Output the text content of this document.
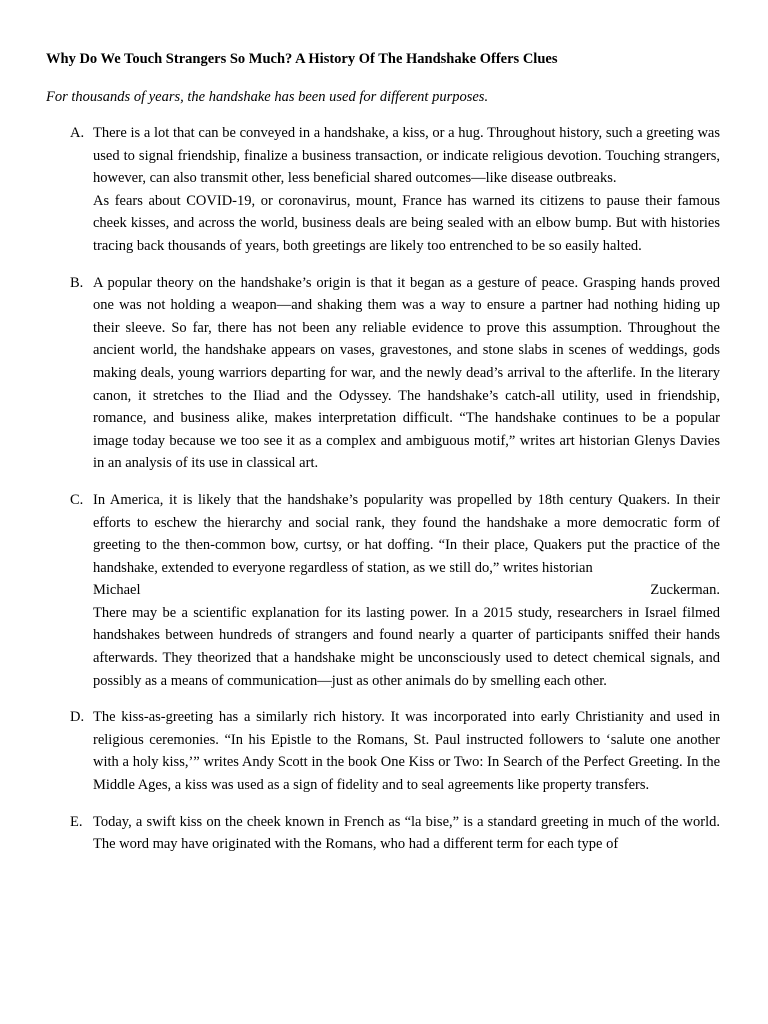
Why Do We Touch Strangers So Much? A History Of The Handshake Offers Clues
For thousands of years, the handshake has been used for different purposes.
A. There is a lot that can be conveyed in a handshake, a kiss, or a hug. Throughout history, such a greeting was used to signal friendship, finalize a business transaction, or indicate religious devotion. Touching strangers, however, can also transmit other, less beneficial shared outcomes—like disease outbreaks.

As fears about COVID-19, or coronavirus, mount, France has warned its citizens to pause their famous cheek kisses, and across the world, business deals are being sealed with an elbow bump. But with histories tracing back thousands of years, both greetings are likely too entrenched to be so easily halted.

B. A popular theory on the handshake’s origin is that it began as a gesture of peace. Grasping hands proved one was not holding a weapon—and shaking them was a way to ensure a partner had nothing hiding up their sleeve. So far, there has not been any reliable evidence to prove this assumption. Throughout the ancient world, the handshake appears on vases, gravestones, and stone slabs in scenes of weddings, gods making deals, young warriors departing for war, and the newly dead’s arrival to the afterlife. In the literary canon, it stretches to the Iliad and the Odyssey. The handshake’s catch-all utility, used in friendship, romance, and business alike, makes interpretation difficult. “The handshake continues to be a popular image today because we too see it as a complex and ambiguous motif,” writes art historian Glenys Davies in an analysis of its use in classical art.

C. In America, it is likely that the handshake’s popularity was propelled by 18th century Quakers. In their efforts to eschew the hierarchy and social rank, they found the handshake a more democratic form of greeting to the then-common bow, curtsy, or hat doffing. “In their place, Quakers put the practice of the handshake, extended to everyone regardless of station, as we still do,” writes historian

Michael	Zuckerman.

There may be a scientific explanation for its lasting power. In a 2015 study, researchers in Israel filmed handshakes between hundreds of strangers and found nearly a quarter of participants sniffed their hands afterwards. They theorized that a handshake might be unconsciously used to detect chemical signals, and possibly as a means of communication—just as other animals do by smelling each other.

D. The kiss-as-greeting has a similarly rich history. It was incorporated into early Christianity and used in religious ceremonies. “In his Epistle to the Romans, St. Paul instructed followers to ‘salute one another with a holy kiss,’” writes Andy Scott in the book One Kiss or Two: In Search of the Perfect Greeting. In the Middle Ages, a kiss was used as a sign of fidelity and to seal agreements like property transfers.

E. Today, a swift kiss on the cheek known in French as “la bise,” is a standard greeting in much of the world. The word may have originated with the Romans, who had a different term for each type of
